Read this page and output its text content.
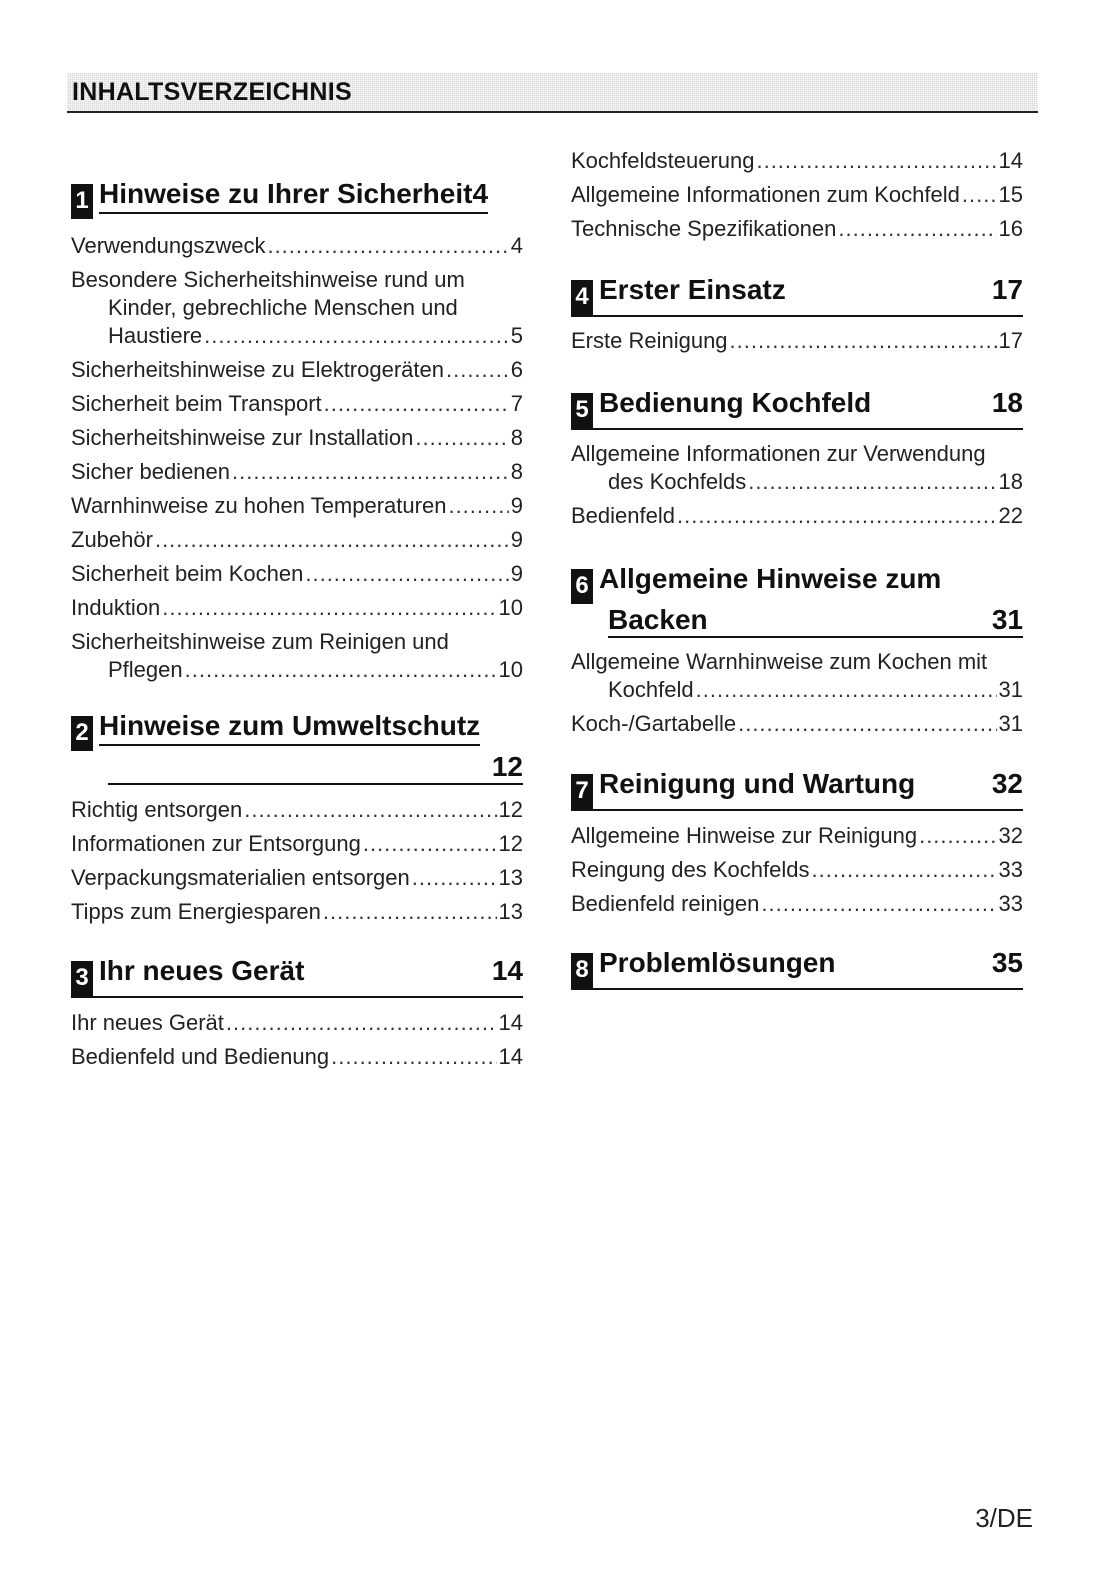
INHALTSVERZEICHNIS
1 Hinweise zu Ihrer Sicherheit4
Verwendungszweck .....	4
Besondere Sicherheitshinweise rund um
Kinder, gebrechliche Menschen und
Haustiere .....	5
Sicherheitshinweise zu Elektrogeräten .....	6
Sicherheit beim Transport .....	7
Sicherheitshinweise zur Installation .....	8
Sicher bedienen .....	8
Warnhinweise zu hohen Temperaturen .....	9
Zubehör .....	9
Sicherheit beim Kochen .....	9
Induktion .....	10
Sicherheitshinweise zum Reinigen und
Pflegen .....	10
2 Hinweise zum Umweltschutz
12
Richtig entsorgen .....	12
Informationen zur Entsorgung .....	12
Verpackungsmaterialien entsorgen .....	13
Tipps zum Energiesparen .....	13
3 Ihr neues Gerät	14
Ihr neues Gerät .....	14
Bedienfeld und Bedienung .....	14
Kochfeldsteuerung .....	14
Allgemeine Informationen zum Kochfeld ..... 15
Technische Spezifikationen .....	16
4 Erster Einsatz	17
Erste Reinigung .....	17
5 Bedienung Kochfeld	18
Allgemeine Informationen zur Verwendung
des Kochfelds .....	18
Bedienfeld .....	22
6 Allgemeine Hinweise zum
Backen	31
Allgemeine Warnhinweise zum Kochen mit
Kochfeld .....	31
Koch-/Gartabelle .....	31
7 Reinigung und Wartung	32
Allgemeine Hinweise zur Reinigung .....	32
Reingung des Kochfelds .....	33
Bedienfeld reinigen .....	33
8 Problemlösungen	35
3/DE
